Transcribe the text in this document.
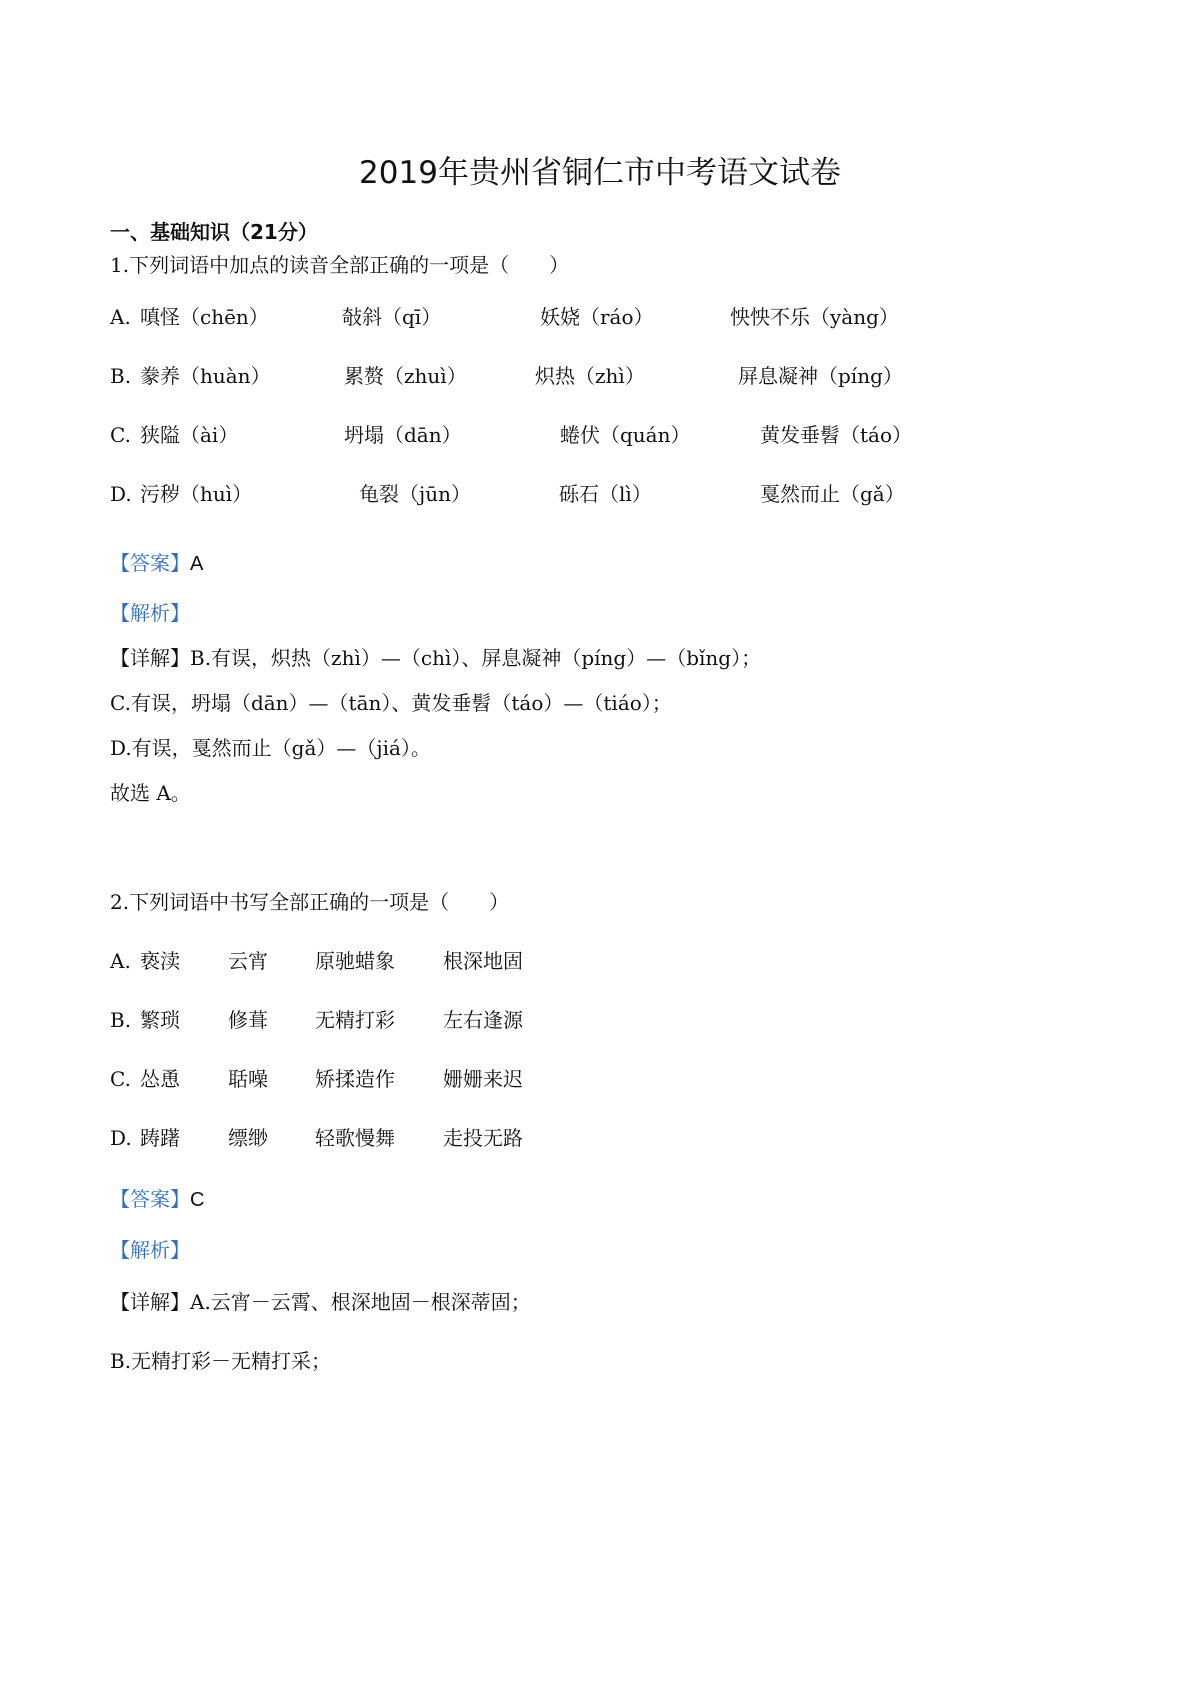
2019年贵州省铜仁市中考语文试卷
一、基础知识（21分）
1.下列词语中加点的读音全部正确的一项是（　　）
A. 嗔怪（chēn）	敧斜（qī）	妖娆（ráo）	怏怏不乐（yàng）
B. 豢养（huàn）	累赘（zhuì）	炽热（zhì）	屏息凝神（píng）
C. 狭隘（ài）	坍塌（dān）	蜷伏（quán）	黄发垂髫（táo）
D. 污秽（huì）	龟裂（jūn）	砾石（lì）	戛然而止（gǎ）
【答案】A
【解析】
【详解】B.有误，炽热（zhì）—（chì）、屏息凝神（píng）—（bǐng）；
C.有误，坍塌（dān）—（tān）、黄发垂髫（táo）—（tiáo）；
D.有误，戛然而止（gǎ）—（jiá）。
故选 A。
2.下列词语中书写全部正确的一项是（　　）
A. 亵渎 云宵 原驰蜡象 根深地固
B. 繁琐 修葺 无精打彩 左右逢源
C. 怂恿 聒噪 矫揉造作 姗姗来迟
D. 踌躇 缥缈 轻歌慢舞 走投无路
【答案】C
【解析】
【详解】A.云宵－云霄、根深地固－根深蒂固；
B.无精打彩－无精打采；
